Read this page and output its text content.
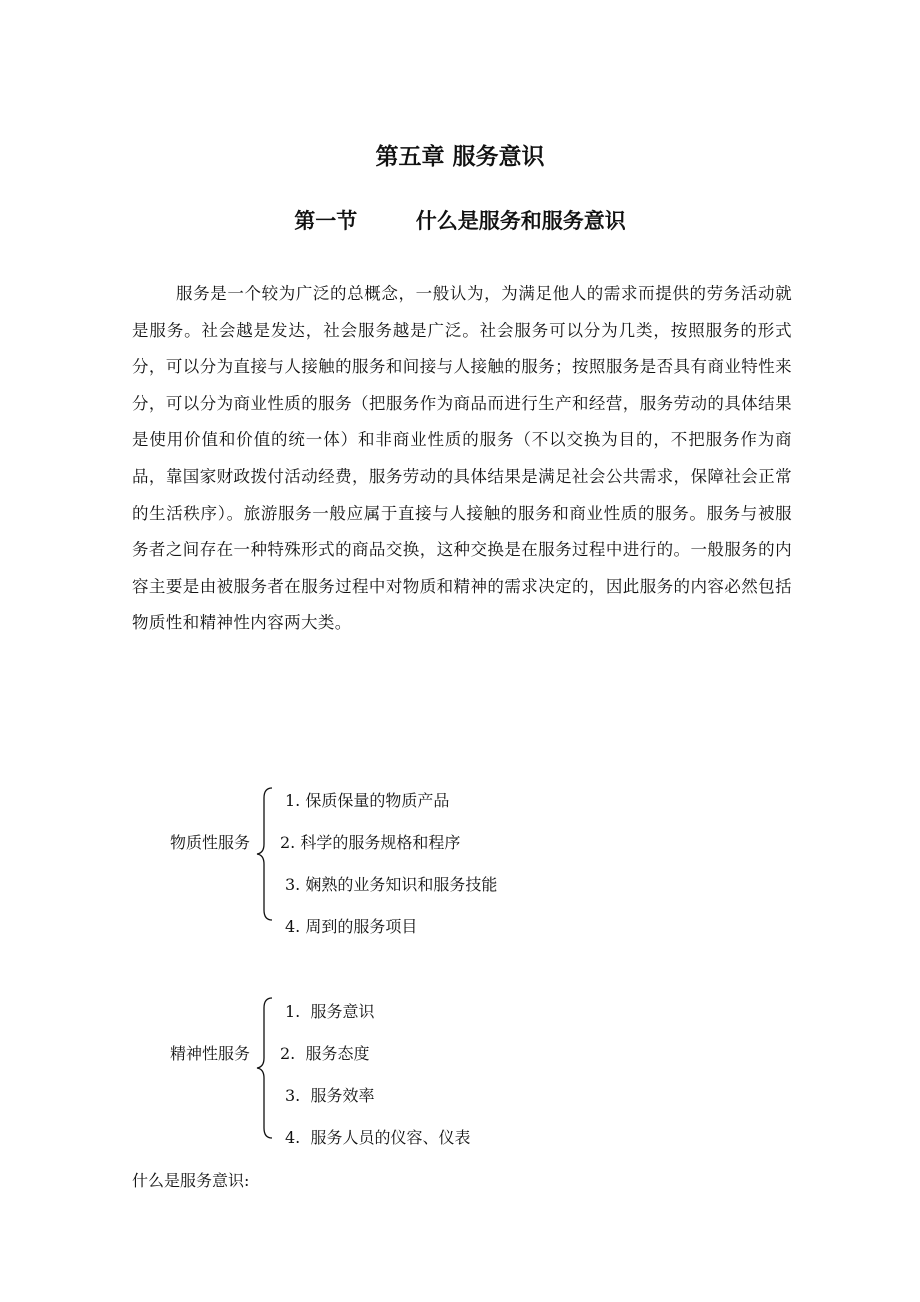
第五章 服务意识
第一节        什么是服务和服务意识

服务是一个较为广泛的总概念，一般认为，为满足他人的需求而提供的劳务活动就是服务。社会越是发达，社会服务越是广泛。社会服务可以分为几类，按照服务的形式分，可以分为直接与人接触的服务和间接与人接触的服务；按照服务是否具有商业特性来分，可以分为商业性质的服务（把服务作为商品而进行生产和经营，服务劳动的具体结果是使用价值和价值的统一体）和非商业性质的服务（不以交换为目的，不把服务作为商品，靠国家财政拨付活动经费，服务劳动的具体结果是满足社会公共需求，保障社会正常的生活秩序）。旅游服务一般应属于直接与人接触的服务和商业性质的服务。服务与被服务者之间存在一种特殊形式的商品交换，这种交换是在服务过程中进行的。一般服务的内容主要是由被服务者在服务过程中对物质和精神的需求决定的，因此服务的内容必然包括物质性和精神性内容两大类。

物质性服务
1. 保质保量的物质产品
2. 科学的服务规格和程序
3. 娴熟的业务知识和服务技能
4. 周到的服务项目
精神性服务
1.  服务意识
2.  服务态度
3.  服务效率
4.  服务人员的仪容、仪表
什么是服务意识:
